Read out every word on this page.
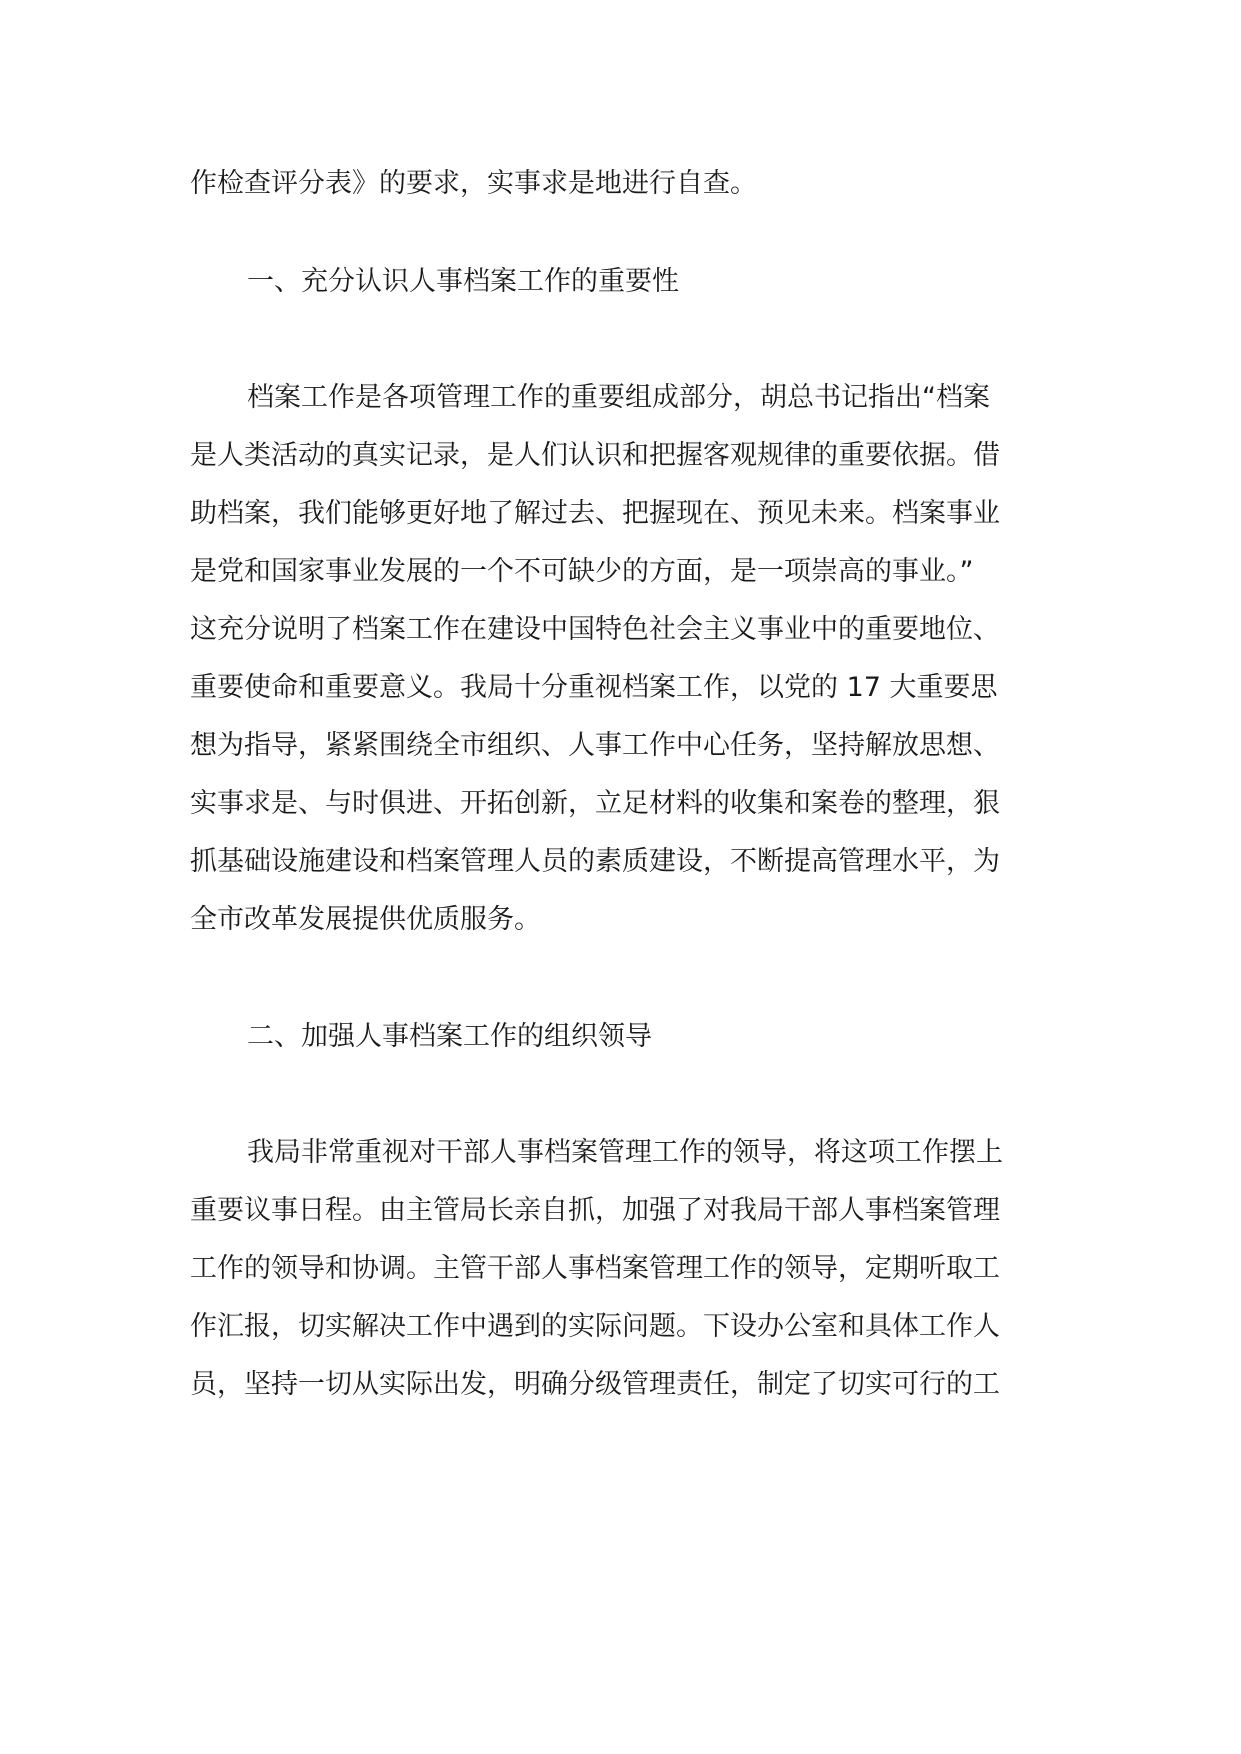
作检查评分表》的要求，实事求是地进行自查。
一、充分认识人事档案工作的重要性
档案工作是各项管理工作的重要组成部分，胡总书记指出“档案
是人类活动的真实记录，是人们认识和把握客观规律的重要依据。借
助档案，我们能够更好地了解过去、把握现在、预见未来。档案事业
是党和国家事业发展的一个不可缺少的方面，是一项崇高的事业。”
这充分说明了档案工作在建设中国特色社会主义事业中的重要地位、
重要使命和重要意义。我局十分重视档案工作，以党的 17 大重要思
想为指导，紧紧围绕全市组织、人事工作中心任务，坚持解放思想、
实事求是、与时俱进、开拓创新，立足材料的收集和案卷的整理，狠
抓基础设施建设和档案管理人员的素质建设，不断提高管理水平，为
全市改革发展提供优质服务。
二、加强人事档案工作的组织领导
我局非常重视对干部人事档案管理工作的领导，将这项工作摆上
重要议事日程。由主管局长亲自抓，加强了对我局干部人事档案管理
工作的领导和协调。主管干部人事档案管理工作的领导，定期听取工
作汇报，切实解决工作中遇到的实际问题。下设办公室和具体工作人
员，坚持一切从实际出发，明确分级管理责任，制定了切实可行的工
